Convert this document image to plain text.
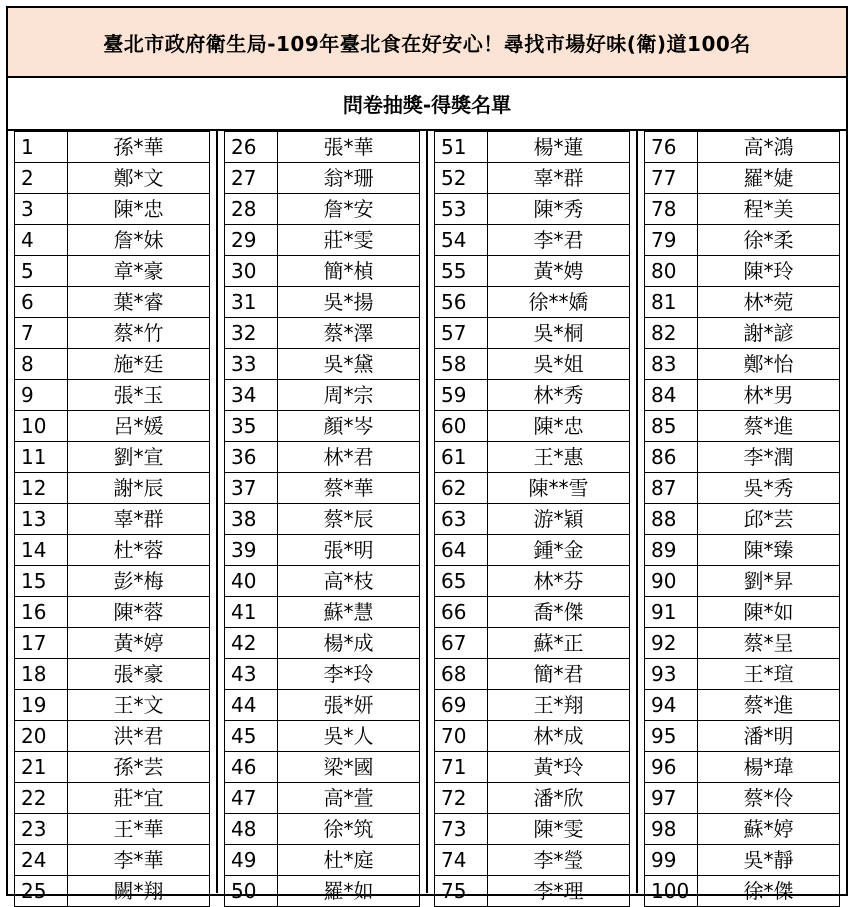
臺北市政府衛生局-109年臺北食在好安心！尋找市場好味(衛)道100名
問卷抽獎-得獎名單
1	孫*華
2	鄭*文
3	陳*忠
4	詹*妹
5	章*豪
6	葉*睿
7	蔡*竹
8	施*廷
9	張*玉
10	呂*媛
11	劉*宣
12	謝*辰
13	辜*群
14	杜*蓉
15	彭*梅
16	陳*蓉
17	黃*婷
18	張*豪
19	王*文
20	洪*君
21	孫*芸
22	莊*宜
23	王*華
24	李*華
25	闕*翔
26	張*華
27	翁*珊
28	詹*安
29	莊*雯
30	簡*楨
31	吳*揚
32	蔡*澤
33	吳*黛
34	周*宗
35	顏*岑
36	林*君
37	蔡*華
38	蔡*辰
39	張*明
40	高*枝
41	蘇*慧
42	楊*成
43	李*玲
44	張*妍
45	吳*人
46	梁*國
47	高*萱
48	徐*筑
49	杜*庭
50	羅*如
51	楊*蓮
52	辜*群
53	陳*秀
54	李*君
55	黃*娉
56	徐**嬌
57	吳*桐
58	吳*姐
59	林*秀
60	陳*忠
61	王*惠
62	陳**雪
63	游*穎
64	鍾*金
65	林*芬
66	喬*傑
67	蘇*正
68	簡*君
69	王*翔
70	林*成
71	黃*玲
72	潘*欣
73	陳*雯
74	李*瑩
75	李*理
76	高*鴻
77	羅*婕
78	程*美
79	徐*柔
80	陳*玲
81	林*菀
82	謝*諺
83	鄭*怡
84	林*男
85	蔡*進
86	李*潤
87	吳*秀
88	邱*芸
89	陳*臻
90	劉*昇
91	陳*如
92	蔡*呈
93	王*瑄
94	蔡*進
95	潘*明
96	楊*瑋
97	蔡*伶
98	蘇*婷
99	吳*靜
100	徐*傑
